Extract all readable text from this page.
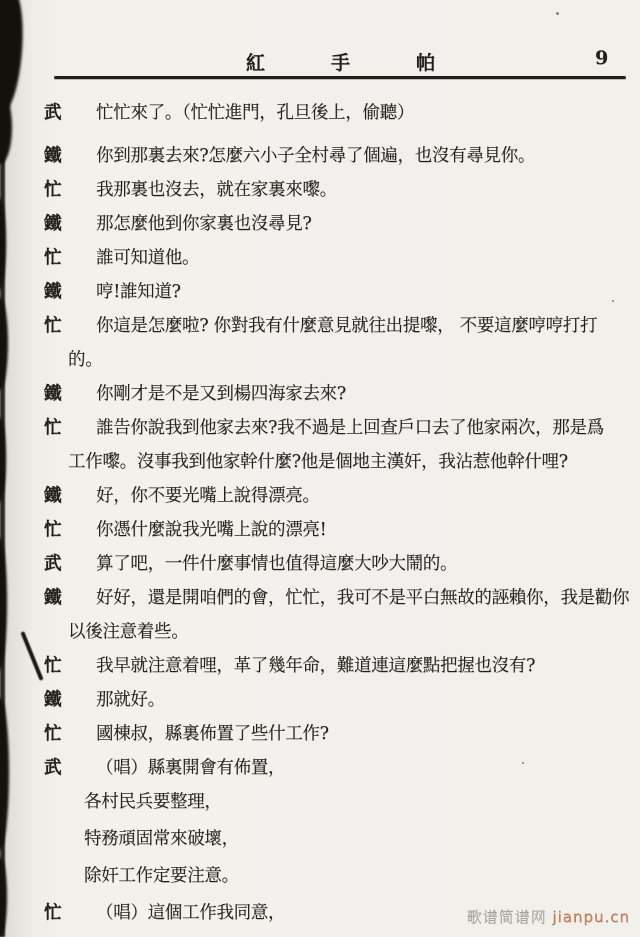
紅手帕	9
武 忙忙來了。（忙忙進門，孔旦後上，偷聽）
鐵 你到那裏去來?怎麼六小子全村尋了個遍，也沒有尋見你。
忙 我那裏也沒去，就在家裏來嚟。
鐵 那怎麼他到你家裏也沒尋見?
忙 誰可知道他。
鐵 哼!誰知道?
忙 你這是怎麼啦? 你對我有什麼意見就往出提嚟， 不要這麼哼哼打打
的。
鐵 你剛才是不是又到楊四海家去來?
忙 誰告你說我到他家去來?我不過是上回查戶口去了他家兩次，那是爲
工作嚟。沒事我到他家幹什麼?他是個地主漢奸，我沾惹他幹什哩?
鐵 好，你不要光嘴上說得漂亮。
忙 你憑什麼說我光嘴上說的漂亮!
武 算了吧，一件什麼事情也值得這麼大吵大鬧的。
鐵 好好，還是開咱們的會，忙忙，我可不是平白無故的誣賴你，我是勸你
以後注意着些。
忙 我早就注意着哩，革了幾年命，難道連這麼點把握也沒有?
鐵 那就好。
忙 國棟叔，縣裏佈置了些什工作?
武 （唱）縣裏開會有佈置，
各村民兵要整理，
特務頑固常來破壞，
除奸工作定要注意。
忙 （唱）這個工作我同意，	歌谱简谱网 jianpu.cn
